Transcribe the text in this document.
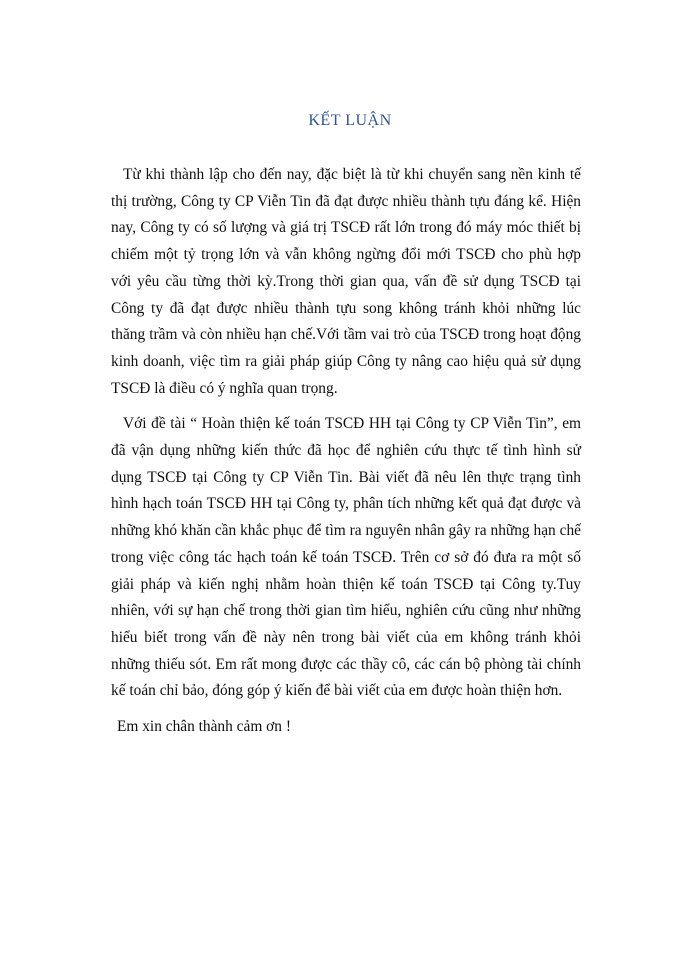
KẾT LUẬN

Từ khi thành lập cho đến nay, đặc biệt là từ khi chuyển sang nền kinh tế thị trường, Công ty CP Viễn Tin đã đạt được nhiều thành tựu đáng kể. Hiện nay, Công ty có số lượng và giá trị TSCĐ rất lớn trong đó máy móc thiết bị chiếm một tỷ trọng lớn và vẫn không ngừng đổi mới TSCĐ cho phù hợp với yêu cầu từng thời kỳ.Trong thời gian qua, vấn đề sử dụng TSCĐ tại Công ty đã đạt được nhiều thành tựu song không tránh khỏi những lúc thăng trầm và còn nhiều hạn chế.Với tầm vai trò của TSCĐ trong hoạt động kinh doanh, việc tìm ra giải pháp giúp Công ty nâng cao hiệu quả sử dụng TSCĐ là điều có ý nghĩa quan trọng.

Với đề tài “ Hoàn thiện kế toán TSCĐ HH tại Công ty CP Viễn Tin”, em đã vận dụng những kiến thức đã học để nghiên cứu thực tế tình hình sử dụng TSCĐ tại Công ty CP Viễn Tin. Bài viết đã nêu lên thực trạng tình hình hạch toán TSCĐ HH tại Công ty, phân tích những kết quả đạt được và những khó khăn cần khắc phục để tìm ra nguyên nhân gây ra những hạn chế trong việc công tác hạch toán kế toán TSCĐ. Trên cơ sở đó đưa ra một số giải pháp và kiến nghị nhằm hoàn thiện kế toán TSCĐ tại Công ty.Tuy nhiên, với sự hạn chế trong thời gian tìm hiểu, nghiên cứu cũng như những hiểu biết trong vấn đề này nên trong bài viết của em không tránh khỏi những thiếu sót. Em rất mong được các thầy cô, các cán bộ phòng tài chính kế toán chỉ bảo, đóng góp ý kiến để bài viết của em được hoàn thiện hơn.

Em xin chân thành cảm ơn !
